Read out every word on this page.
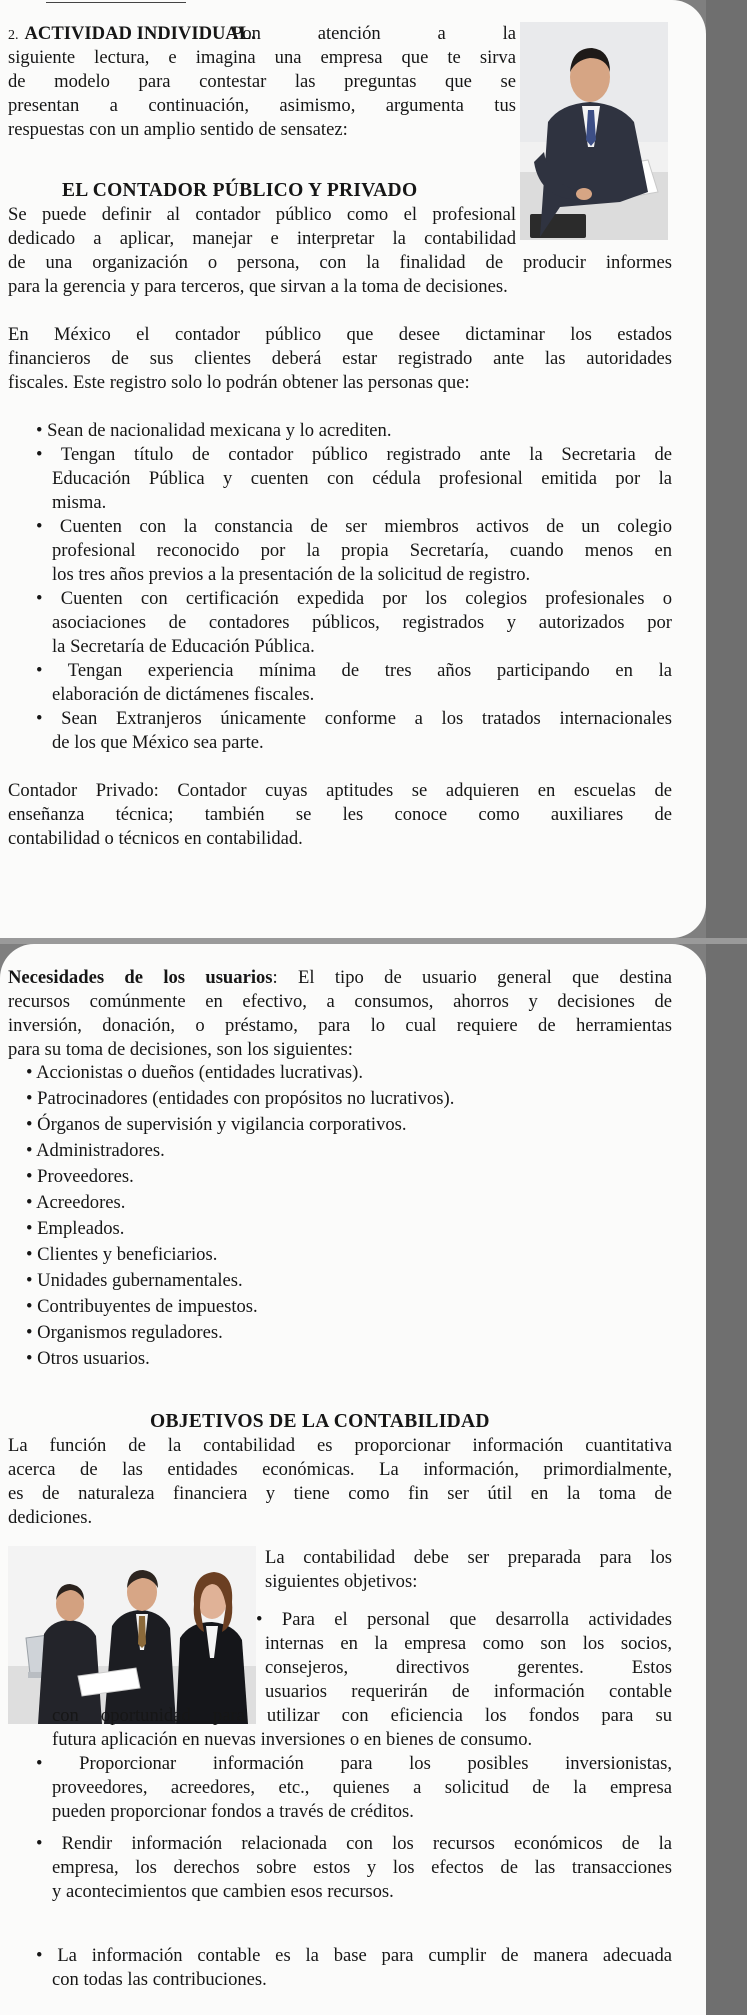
2. ACTIVIDAD INDIVIDUAL.
Pon atención a la
siguiente lectura, e imagina una empresa que te sirva
de modelo para contestar las preguntas que se
presentan a continuación, asimismo, argumenta tus
respuestas con un amplio sentido de sensatez:
EL CONTADOR PÚBLICO Y PRIVADO
Se puede definir al contador público como el profesional
dedicado a aplicar, manejar e interpretar la contabilidad
de una organización o persona, con la finalidad de producir informes
para la gerencia y para terceros, que sirvan a la toma de decisiones.
En México el contador público que desee dictaminar los estados
financieros de sus clientes deberá estar registrado ante las autoridades
fiscales. Este registro solo lo podrán obtener las personas que:
• Sean de nacionalidad mexicana y lo acrediten.
• Tengan título de contador público registrado ante la Secretaria de
Educación Pública y cuenten con cédula profesional emitida por la
misma.
• Cuenten con la constancia de ser miembros activos de un colegio
profesional reconocido por la propia Secretaría, cuando menos en
los tres años previos a la presentación de la solicitud de registro.
• Cuenten con certificación expedida por los colegios profesionales o
asociaciones de contadores públicos, registrados y autorizados por
la Secretaría de Educación Pública.
• Tengan experiencia mínima de tres años participando en la
elaboración de dictámenes fiscales.
• Sean Extranjeros únicamente conforme a los tratados internacionales
de los que México sea parte.
Contador Privado: Contador cuyas aptitudes se adquieren en escuelas de
enseñanza técnica; también se les conoce como auxiliares de
contabilidad o técnicos en contabilidad.
Necesidades de los usuarios: El tipo de usuario general que destina
recursos comúnmente en efectivo, a consumos, ahorros y decisiones de
inversión, donación, o préstamo, para lo cual requiere de herramientas
para su toma de decisiones, son los siguientes:
• Accionistas o dueños (entidades lucrativas).
• Patrocinadores (entidades con propósitos no lucrativos).
• Órganos de supervisión y vigilancia corporativos.
• Administradores.
• Proveedores.
• Acreedores.
• Empleados.
• Clientes y beneficiarios.
• Unidades gubernamentales.
• Contribuyentes de impuestos.
• Organismos reguladores.
• Otros usuarios.
OBJETIVOS DE LA CONTABILIDAD
La función de la contabilidad es proporcionar información cuantitativa
acerca de las entidades económicas. La información, primordialmente,
es de naturaleza financiera y tiene como fin ser útil en la toma de
dediciones.
La contabilidad debe ser preparada para los
siguientes objetivos:
• Para el personal que desarrolla actividades
internas en la empresa como son los socios,
consejeros, directivos gerentes. Estos
usuarios requerirán de información contable
con oportunidad para utilizar con eficiencia los fondos para su
futura aplicación en nuevas inversiones o en bienes de consumo.
• Proporcionar información para los posibles inversionistas,
proveedores, acreedores, etc., quienes a solicitud de la empresa
pueden proporcionar fondos a través de créditos.
• Rendir información relacionada con los recursos económicos de la
empresa, los derechos sobre estos y los efectos de las transacciones
y acontecimientos que cambien esos recursos.
• La información contable es la base para cumplir de manera adecuada
con todas las contribuciones.
